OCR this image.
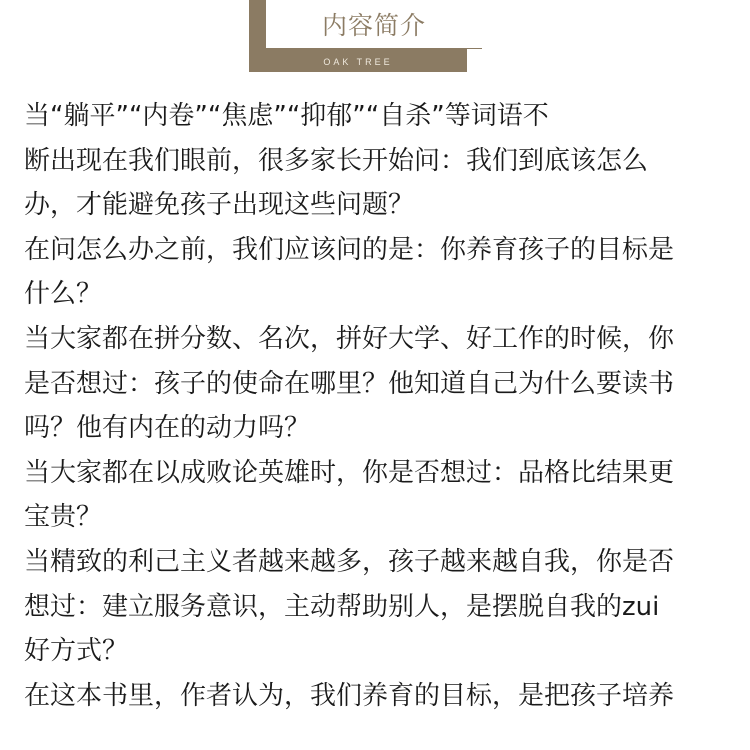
内容简介
OAK TREE
当“躺平”“内卷”“焦虑”“抑郁”“自杀”等词语不
断出现在我们眼前，很多家长开始问：我们到底该怎么
办，才能避免孩子出现这些问题？
在问怎么办之前，我们应该问的是：你养育孩子的目标是
什么？
当大家都在拼分数、名次，拼好大学、好工作的时候，你
是否想过：孩子的使命在哪里？他知道自己为什么要读书
吗？他有内在的动力吗？
当大家都在以成败论英雄时，你是否想过：品格比结果更
宝贵？
当精致的利己主义者越来越多，孩子越来越自我，你是否
想过：建立服务意识，主动帮助别人，是摆脱自我的zui
好方式？
在这本书里，作者认为，我们养育的目标，是把孩子培养
